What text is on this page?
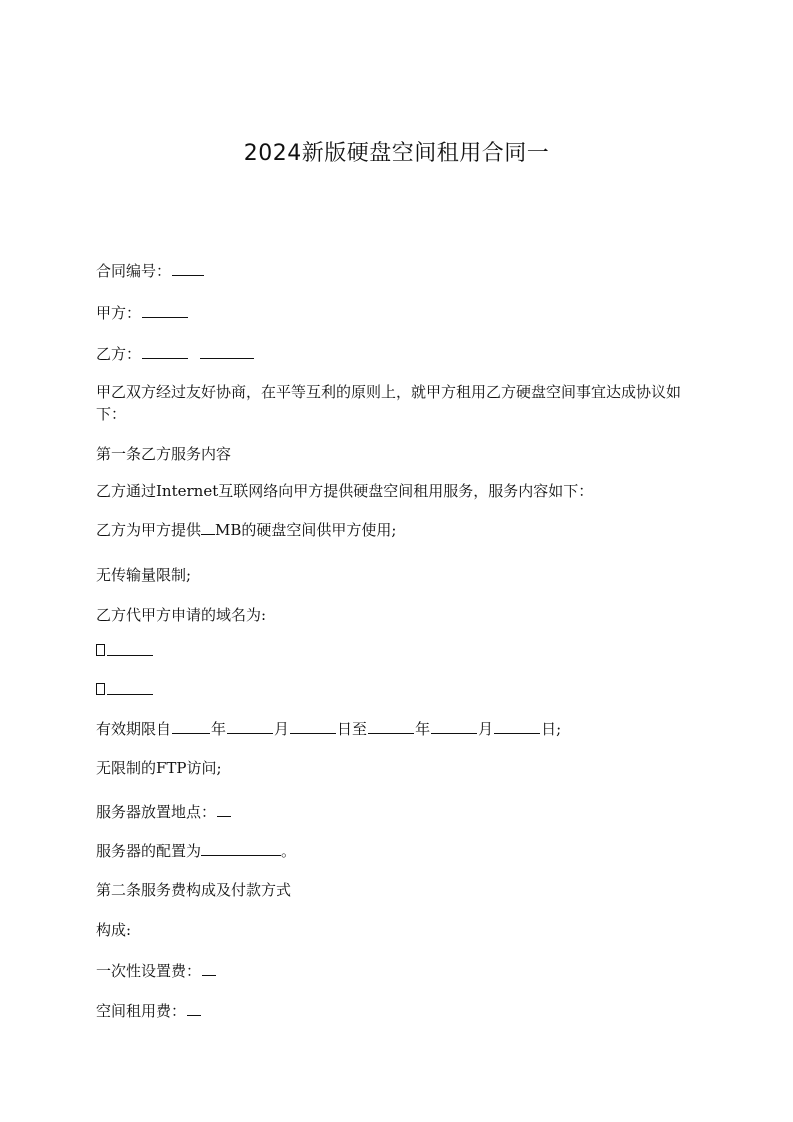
2024新版硬盘空间租用合同一
合同编号：
甲方：
乙方：
甲乙双方经过友好协商，在平等互利的原则上，就甲方租用乙方硬盘空间事宜达成协议如下：
第一条乙方服务内容
乙方通过Internet互联网络向甲方提供硬盘空间租用服务，服务内容如下：
乙方为甲方提供 MB的硬盘空间供甲方使用;
无传输量限制;
乙方代甲方申请的域名为:
有效期限自	年	月	日至	年	月	日;
无限制的FTP访问;
服务器放置地点：
服务器的配置为	。
第二条服务费构成及付款方式
构成:
一次性设置费：
空间租用费：
